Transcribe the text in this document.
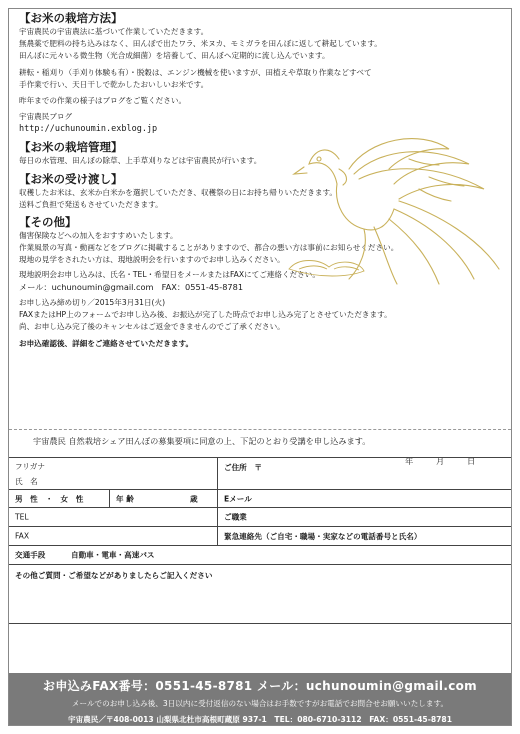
【お米の栽培方法】
宇宙農民の宇宙農法に基づいて作業していただきます。
無農薬で肥料の持ち込みはなく、田んぼで出たワラ、米ヌカ、モミガラを田んぼに返して耕起しています。
田んぼに元々いる微生物（光合成細菌）を培養して、田んぼへ定期的に流し込んでいます。
耕転・稲刈り（手刈り体験も有）・脱穀は、エンジン機械を使いますが、田植えや草取り作業などすべて
手作業で行い、天日干しで乾かしたおいしいお米です。
昨年までの作業の様子はブログをご覧ください。
宇宙農民ブログ
http://uchunoumin.exblog.jp
【お米の栽培管理】
毎日の水管理、田んぼの除草、上手草刈りなどは宇宙農民が行います。
【お米の受け渡し】
収穫したお米は、玄米か白米かを選択していただき、収穫祭の日にお持ち帰りいただきます。
送料ご負担で発送もさせていただきます。
【その他】
傷害保険などへの加入をおすすめいたします。
作業風景の写真・動画などをブログに掲載することがありますので、都合の悪い方は事前にお知らせください。
現地の見学をされたい方は、現地説明会を行いますのでお申し込みください。
現地説明会お申し込みは、氏名・TEL・希望日をメールまたはFAXにてご連絡ください。
メール：uchunoumin@gmail.com　FAX：0551-45-8781
お申し込み締め切り／2015年3月31日(火)
FAXまたはHP上のフォームでお申し込み後、お振込が完了した時点でお申し込み完了とさせていただきます。
尚、お申し込み完了後のキャンセルはご返金できませんのでご了承ください。
お申込確認後、詳細をご連絡させていただきます。
宇宙農民 自然栽培シェア田んぼの募集要項に同意の上、下記のとおり受講を申し込みます。
年	月	日
フリガナ
氏　名
ご住所　〒
男　性　・　女　性	年 齢	歳	Eメール
TEL	ご職業
FAX	緊急連絡先（ご自宅・職場・実家などの電話番号と氏名）
交通手段	自動車・電車・高速バス
その他ご質問・ご希望などがありましたらご記入ください
お申込みFAX番号：0551-45-8781 メール：uchunoumin@gmail.com
メールでのお申し込み後、3日以内に受付返信のない場合はお手数ですがお電話でお問合せお願いいたします。
宇宙農民／〒408-0013 山梨県北杜市高根町蔵原 937-1　TEL：080-6710-3112　FAX：0551-45-8781
